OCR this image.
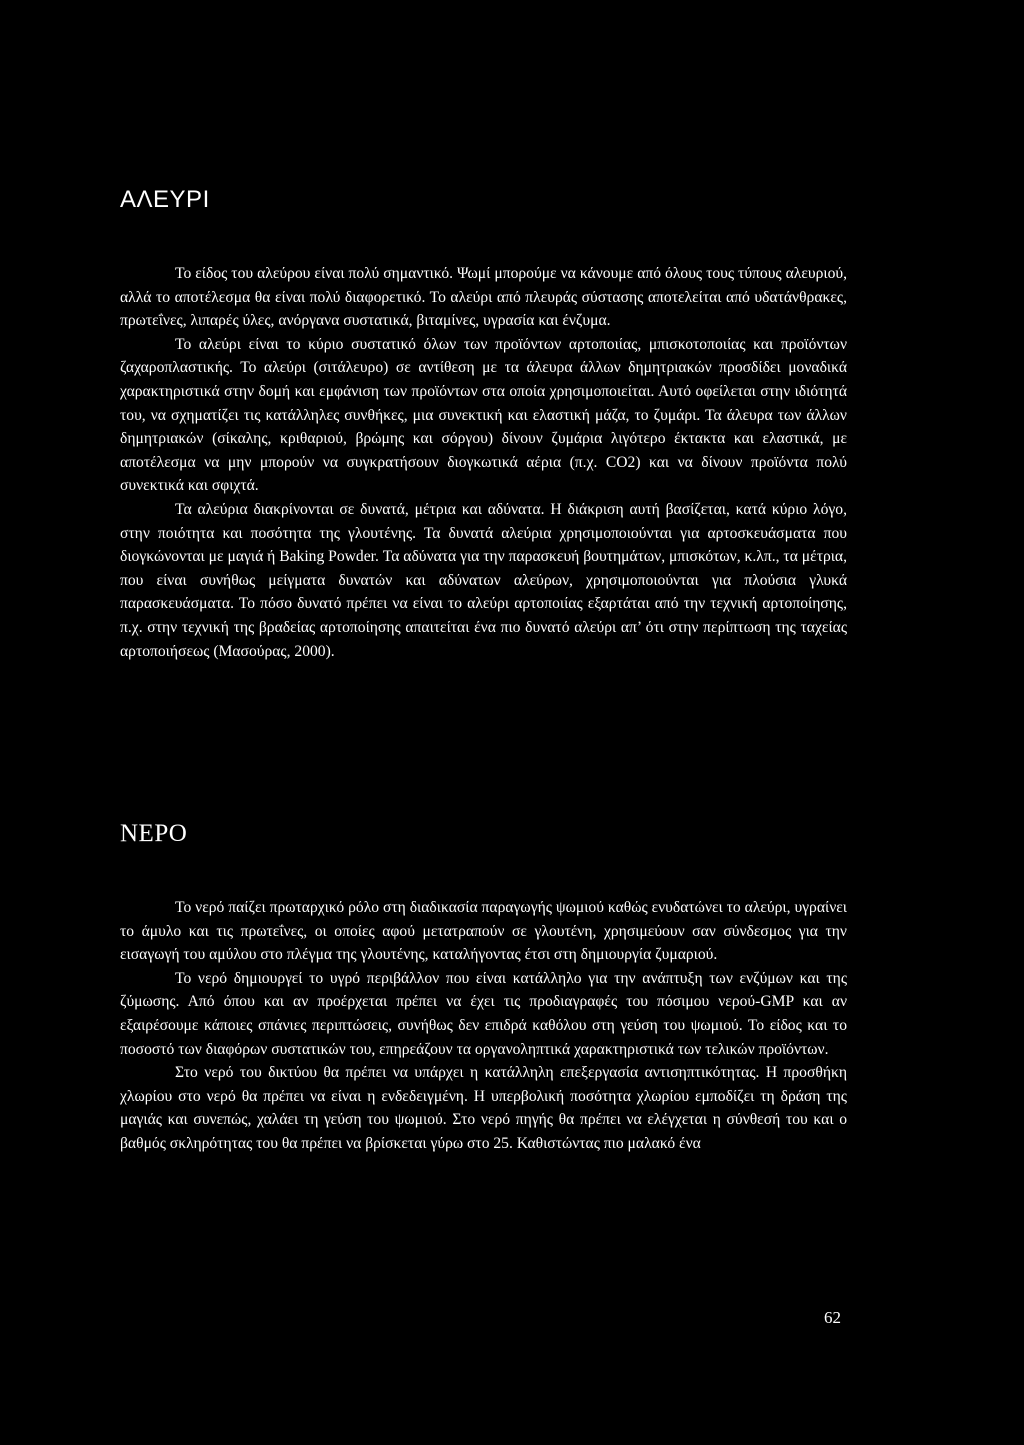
ΑΛΕΥΡΙ

Το είδος του αλεύρου είναι πολύ σημαντικό. Ψωμί μπορούμε να κάνουμε από όλους τους τύπους αλευριού, αλλά το αποτέλεσμα θα είναι πολύ διαφορετικό. Το αλεύρι από πλευράς σύστασης αποτελείται από υδατάνθρακες, πρωτεΐνες, λιπαρές ύλες, ανόργανα συστατικά, βιταμίνες, υγρασία και ένζυμα.

Το αλεύρι είναι το κύριο συστατικό όλων των προϊόντων αρτοποιίας, μπισκοτοποιίας και προϊόντων ζαχαροπλαστικής. Το αλεύρι (σιτάλευρο) σε αντίθεση με τα άλευρα άλλων δημητριακών προσδίδει μοναδικά χαρακτηριστικά στην δομή και εμφάνιση των προϊόντων στα οποία χρησιμοποιείται. Αυτό οφείλεται στην ιδιότητά του, να σχηματίζει τις κατάλληλες συνθήκες, μια συνεκτική και ελαστική μάζα, το ζυμάρι. Τα άλευρα των άλλων δημητριακών (σίκαλης, κριθαριού, βρώμης και σόργου) δίνουν ζυμάρια λιγότερο έκτακτα και ελαστικά, με αποτέλεσμα να μην μπορούν να συγκρατήσουν διογκωτικά αέρια (π.χ. CO2) και να δίνουν προϊόντα πολύ συνεκτικά και σφιχτά.

Τα αλεύρια διακρίνονται σε δυνατά, μέτρια και αδύνατα. Η διάκριση αυτή βασίζεται, κατά κύριο λόγο, στην ποιότητα και ποσότητα της γλουτένης. Τα δυνατά αλεύρια χρησιμοποιούνται για αρτοσκευάσματα που διογκώνονται με μαγιά ή Baking Powder. Τα αδύνατα για την παρασκευή βουτημάτων, μπισκότων, κ.λπ., τα μέτρια, που είναι συνήθως μείγματα δυνατών και αδύνατων αλεύρων, χρησιμοποιούνται για πλούσια γλυκά παρασκευάσματα. Το πόσο δυνατό πρέπει να είναι το αλεύρι αρτοποιίας εξαρτάται από την τεχνική αρτοποίησης, π.χ. στην τεχνική της βραδείας αρτοποίησης απαιτείται ένα πιο δυνατό αλεύρι απ’ ότι στην περίπτωση της ταχείας αρτοποιήσεως (Μασούρας, 2000).

ΝΕΡΟ

Το νερό παίζει πρωταρχικό ρόλο στη διαδικασία παραγωγής ψωμιού καθώς ενυδατώνει το αλεύρι, υγραίνει το άμυλο και τις πρωτεΐνες, οι οποίες αφού μετατραπούν σε γλουτένη, χρησιμεύουν σαν σύνδεσμος για την εισαγωγή του αμύλου στο πλέγμα της γλουτένης, καταλήγοντας έτσι στη δημιουργία ζυμαριού.

Το νερό δημιουργεί το υγρό περιβάλλον που είναι κατάλληλο για την ανάπτυξη των ενζύμων και της ζύμωσης. Από όπου και αν προέρχεται πρέπει να έχει τις προδιαγραφές του πόσιμου νερού-GMP και αν εξαιρέσουμε κάποιες σπάνιες περιπτώσεις, συνήθως δεν επιδρά καθόλου στη γεύση του ψωμιού. Το είδος και το ποσοστό των διαφόρων συστατικών του, επηρεάζουν τα οργανοληπτικά χαρακτηριστικά των τελικών προϊόντων.

Στο νερό του δικτύου θα πρέπει να υπάρχει η κατάλληλη επεξεργασία αντισηπτικότητας. Η προσθήκη χλωρίου στο νερό θα πρέπει να είναι η ενδεδειγμένη. Η υπερβολική ποσότητα χλωρίου εμποδίζει τη δράση της μαγιάς και συνεπώς, χαλάει τη γεύση του ψωμιού. Στο νερό πηγής θα πρέπει να ελέγχεται η σύνθεσή του και ο βαθμός σκληρότητας του θα πρέπει να βρίσκεται γύρω στο 25. Καθιστώντας πιο μαλακό ένα

62
